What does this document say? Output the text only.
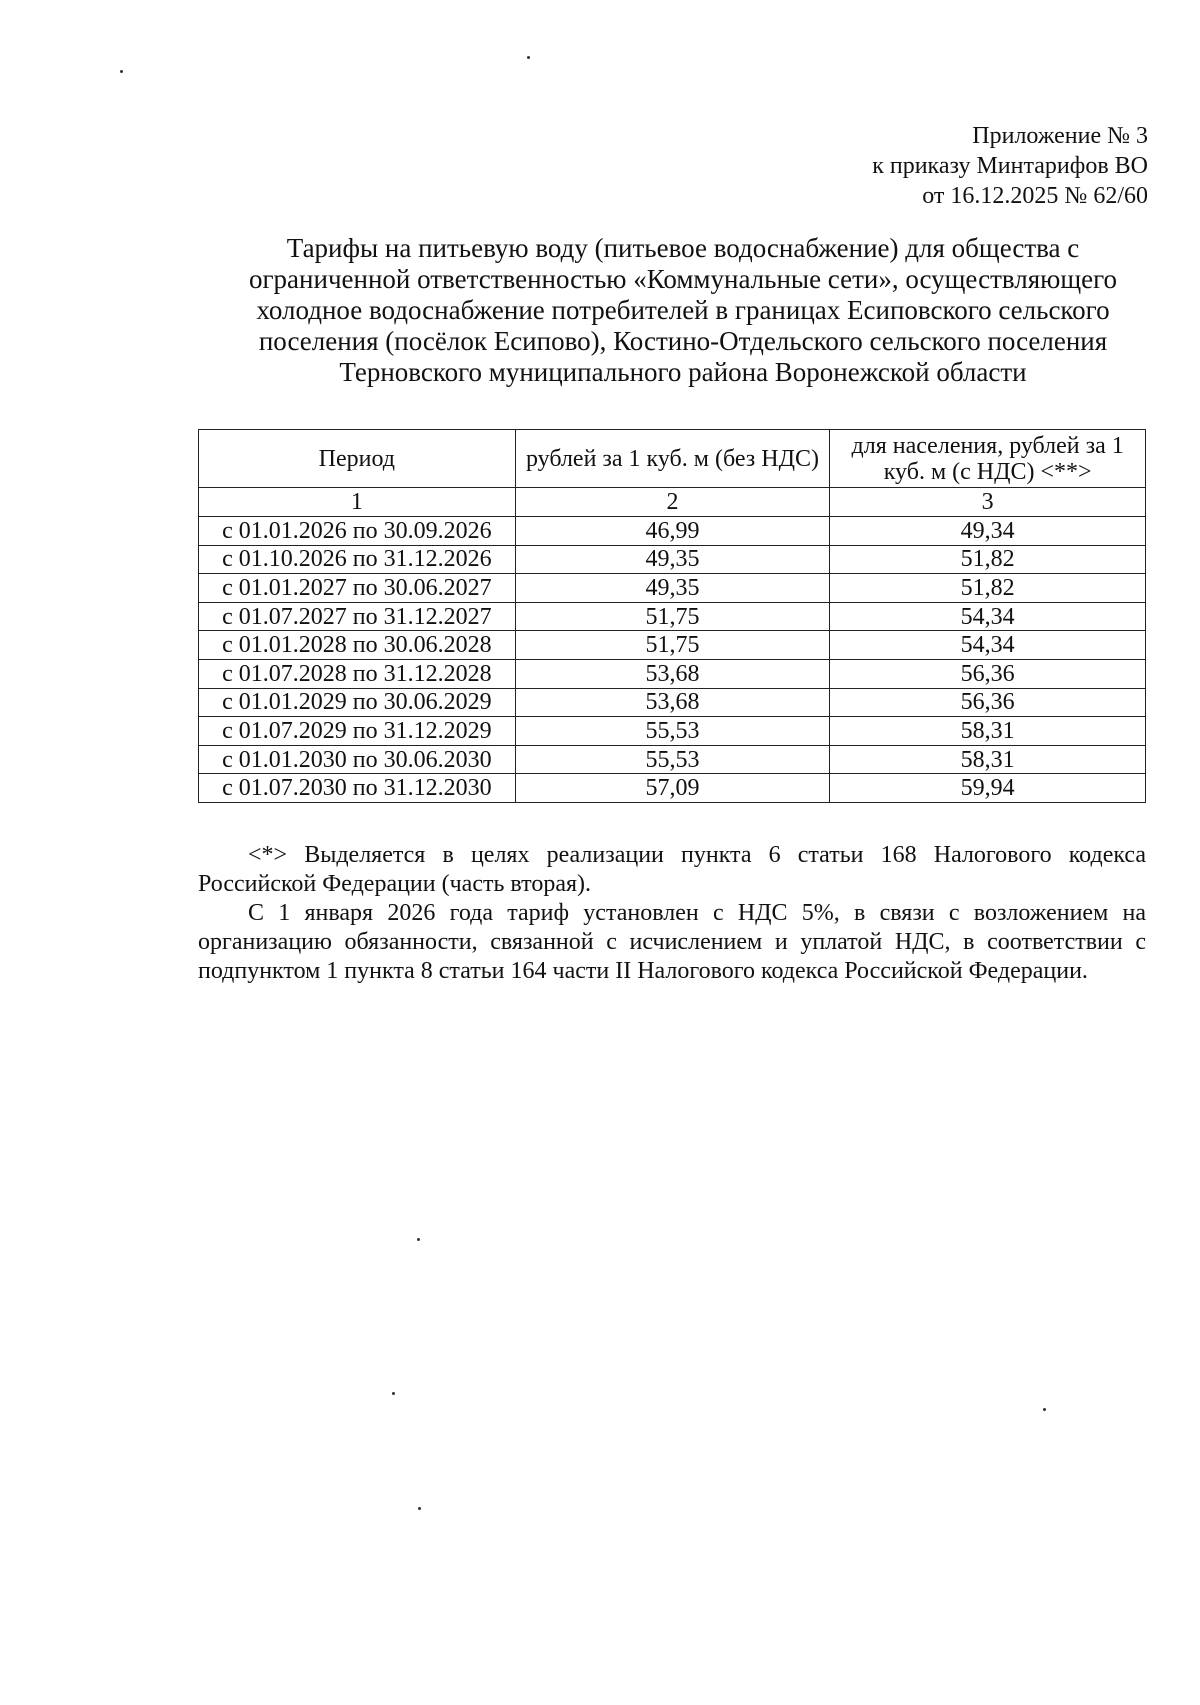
Приложение № 3
к приказу Минтарифов ВО
от 16.12.2025 № 62/60
Тарифы на питьевую воду (питьевое водоснабжение) для общества с
ограниченной ответственностью «Коммунальные сети», осуществляющего
холодное водоснабжение потребителей в границах Есиповского сельского
поселения (посёлок Есипово), Костино-Отдельского сельского поселения
Терновского муниципального района Воронежской области
Период	рублей за 1 куб. м (без НДС)	для населения, рублей за 1 куб. м (с НДС) <**>
1	2	3
с 01.01.2026 по 30.09.2026	46,99	49,34
с 01.10.2026 по 31.12.2026	49,35	51,82
с 01.01.2027 по 30.06.2027	49,35	51,82
с 01.07.2027 по 31.12.2027	51,75	54,34
с 01.01.2028 по 30.06.2028	51,75	54,34
с 01.07.2028 по 31.12.2028	53,68	56,36
с 01.01.2029 по 30.06.2029	53,68	56,36
с 01.07.2029 по 31.12.2029	55,53	58,31
с 01.01.2030 по 30.06.2030	55,53	58,31
с 01.07.2030 по 31.12.2030	57,09	59,94

<*> Выделяется в целях реализации пункта 6 статьи 168 Налогового кодекса Российской Федерации (часть вторая).

С 1 января 2026 года тариф установлен с НДС 5%, в связи с возложением на организацию обязанности, связанной с исчислением и уплатой НДС, в соответствии с подпунктом 1 пункта 8 статьи 164 части II Налогового кодекса Российской Федерации.
